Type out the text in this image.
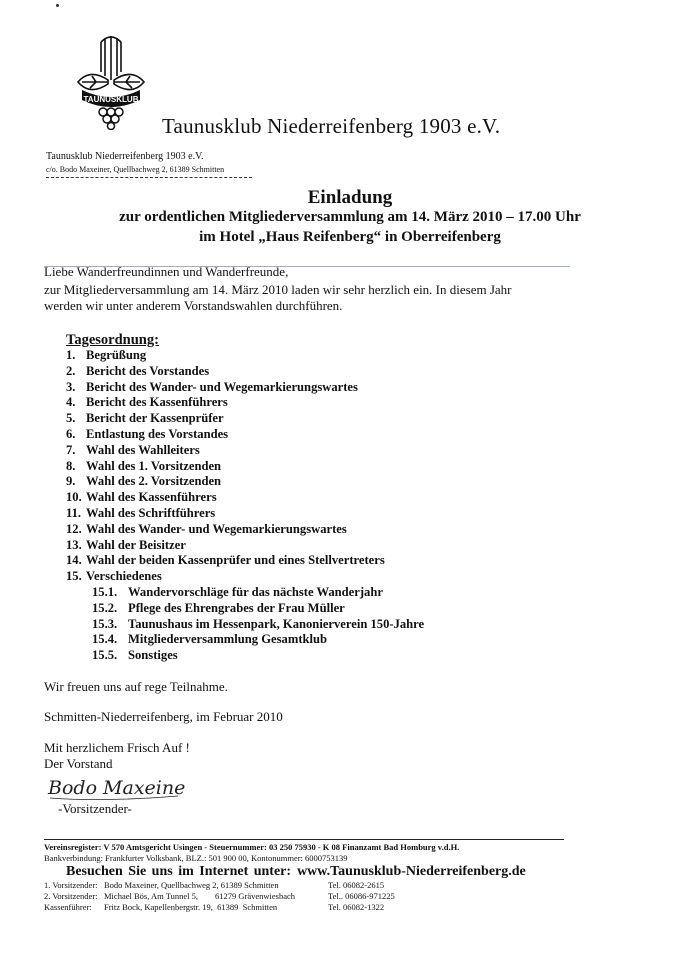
TAUNUSKLUB
Taunusklub Niederreifenberg 1903 e.V.
Taunusklub Niederreifenberg 1903 e.V.
c/o. Bodo Maxeiner, Quellbachweg 2, 61389 Schmitten
Einladung
zur ordentlichen Mitgliederversammlung am 14. März 2010 – 17.00 Uhr
im Hotel „Haus Reifenberg“ in Oberreifenberg
Liebe Wanderfreundinnen und Wanderfreunde,
zur Mitgliederversammlung am 14. März 2010 laden wir sehr herzlich ein. In diesem Jahr
werden wir unter anderem Vorstandswahlen durchführen.
Tagesordnung:
1. Begrüßung
2. Bericht des Vorstandes
3. Bericht des Wander- und Wegemarkierungswartes
4. Bericht des Kassenführers
5. Bericht der Kassenprüfer
6. Entlastung des Vorstandes
7. Wahl des Wahlleiters
8. Wahl des 1. Vorsitzenden
9. Wahl des 2. Vorsitzenden
10. Wahl des Kassenführers
11. Wahl des Schriftführers
12. Wahl des Wander- und Wegemarkierungswartes
13. Wahl der Beisitzer
14. Wahl der beiden Kassenprüfer und eines Stellvertreters
15. Verschiedenes
15.1. Wandervorschläge für das nächste Wanderjahr
15.2. Pflege des Ehrengrabes der Frau Müller
15.3. Taunushaus im Hessenpark, Kanonierverein 150-Jahre
15.4. Mitgliederversammlung Gesamtklub
15.5. Sonstiges
Wir freuen uns auf rege Teilnahme.
Schmitten-Niederreifenberg, im Februar 2010
Mit herzlichem Frisch Auf !
Der Vorstand
Bodo Maxeiner
-Vorsitzender-
Vereinsregister: V 570 Amtsgericht Usingen - Steuernummer: 03 250 75930 - K 08 Finanzamt Bad Homburg v.d.H.
Bankverbindung: Frankfurter Volksbank, BLZ.: 501 900 00, Kontonummer: 6000753139
Besuchen Sie uns im Internet unter: www.Taunusklub-Niederreifenberg.de
1. Vorsitzender: Bodo Maxeiner, Quellbachweg 2, 61389 Schmitten	Tel. 06082-2615
2. Vorsitzender: Michael Bös, Am Tunnel 5,        61279 Grävenwiesbach	Tel.. 06086-971225
Kassenführer: Fritz Bock, Kapellenbergstr. 19,  61389  Schmitten	Tel. 06082-1322
